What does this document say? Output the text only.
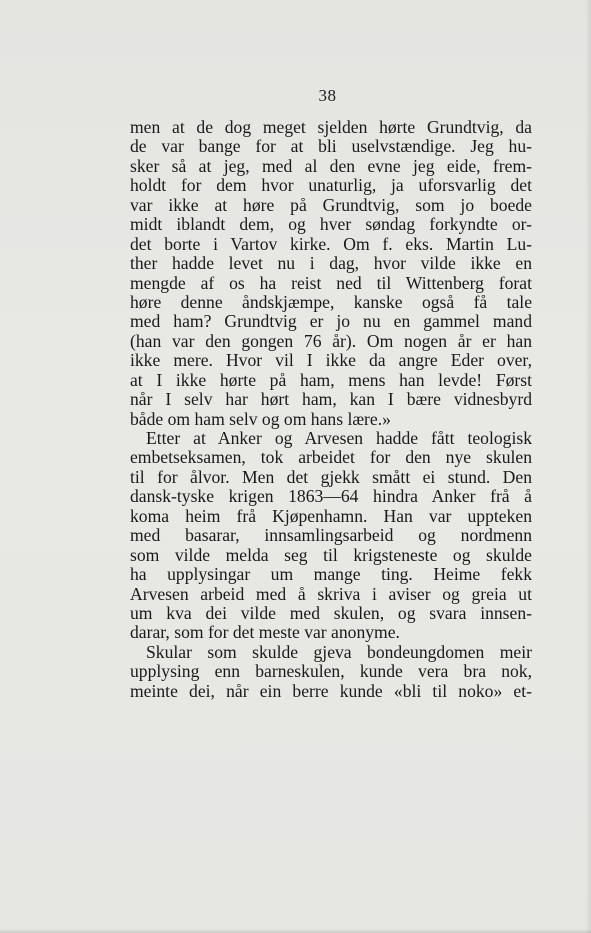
38
men at de dog meget sjelden hørte Grundtvig, da
de var bange for at bli uselvstændige. Jeg hu-
sker så at jeg, med al den evne jeg eide, frem-
holdt for dem hvor unaturlig, ja uforsvarlig det
var ikke at høre på Grundtvig, som jo boede
midt iblandt dem, og hver søndag forkyndte or-
det borte i Vartov kirke. Om f. eks. Martin Lu-
ther hadde levet nu i dag, hvor vilde ikke en
mengde af os ha reist ned til Wittenberg forat
høre denne åndskjæmpe, kanske også få tale
med ham? Grundtvig er jo nu en gammel mand
(han var den gongen 76 år). Om nogen år er han
ikke mere. Hvor vil I ikke da angre Eder over,
at I ikke hørte på ham, mens han levde! Først
når I selv har hørt ham, kan I bære vidnesbyrd
både om ham selv og om hans lære.»
Etter at Anker og Arvesen hadde fått teologisk
embetseksamen, tok arbeidet for den nye skulen
til for ålvor. Men det gjekk smått ei stund. Den
dansk-tyske krigen 1863—64 hindra Anker frå å
koma heim frå Kjøpenhamn. Han var uppteken
med basarar, innsamlingsarbeid og nordmenn
som vilde melda seg til krigsteneste og skulde
ha upplysingar um mange ting. Heime fekk
Arvesen arbeid med å skriva i aviser og greia ut
um kva dei vilde med skulen, og svara innsen-
darar, som for det meste var anonyme.
Skular som skulde gjeva bondeungdomen meir
upplysing enn barneskulen, kunde vera bra nok,
meinte dei, når ein berre kunde «bli til noko» et-
